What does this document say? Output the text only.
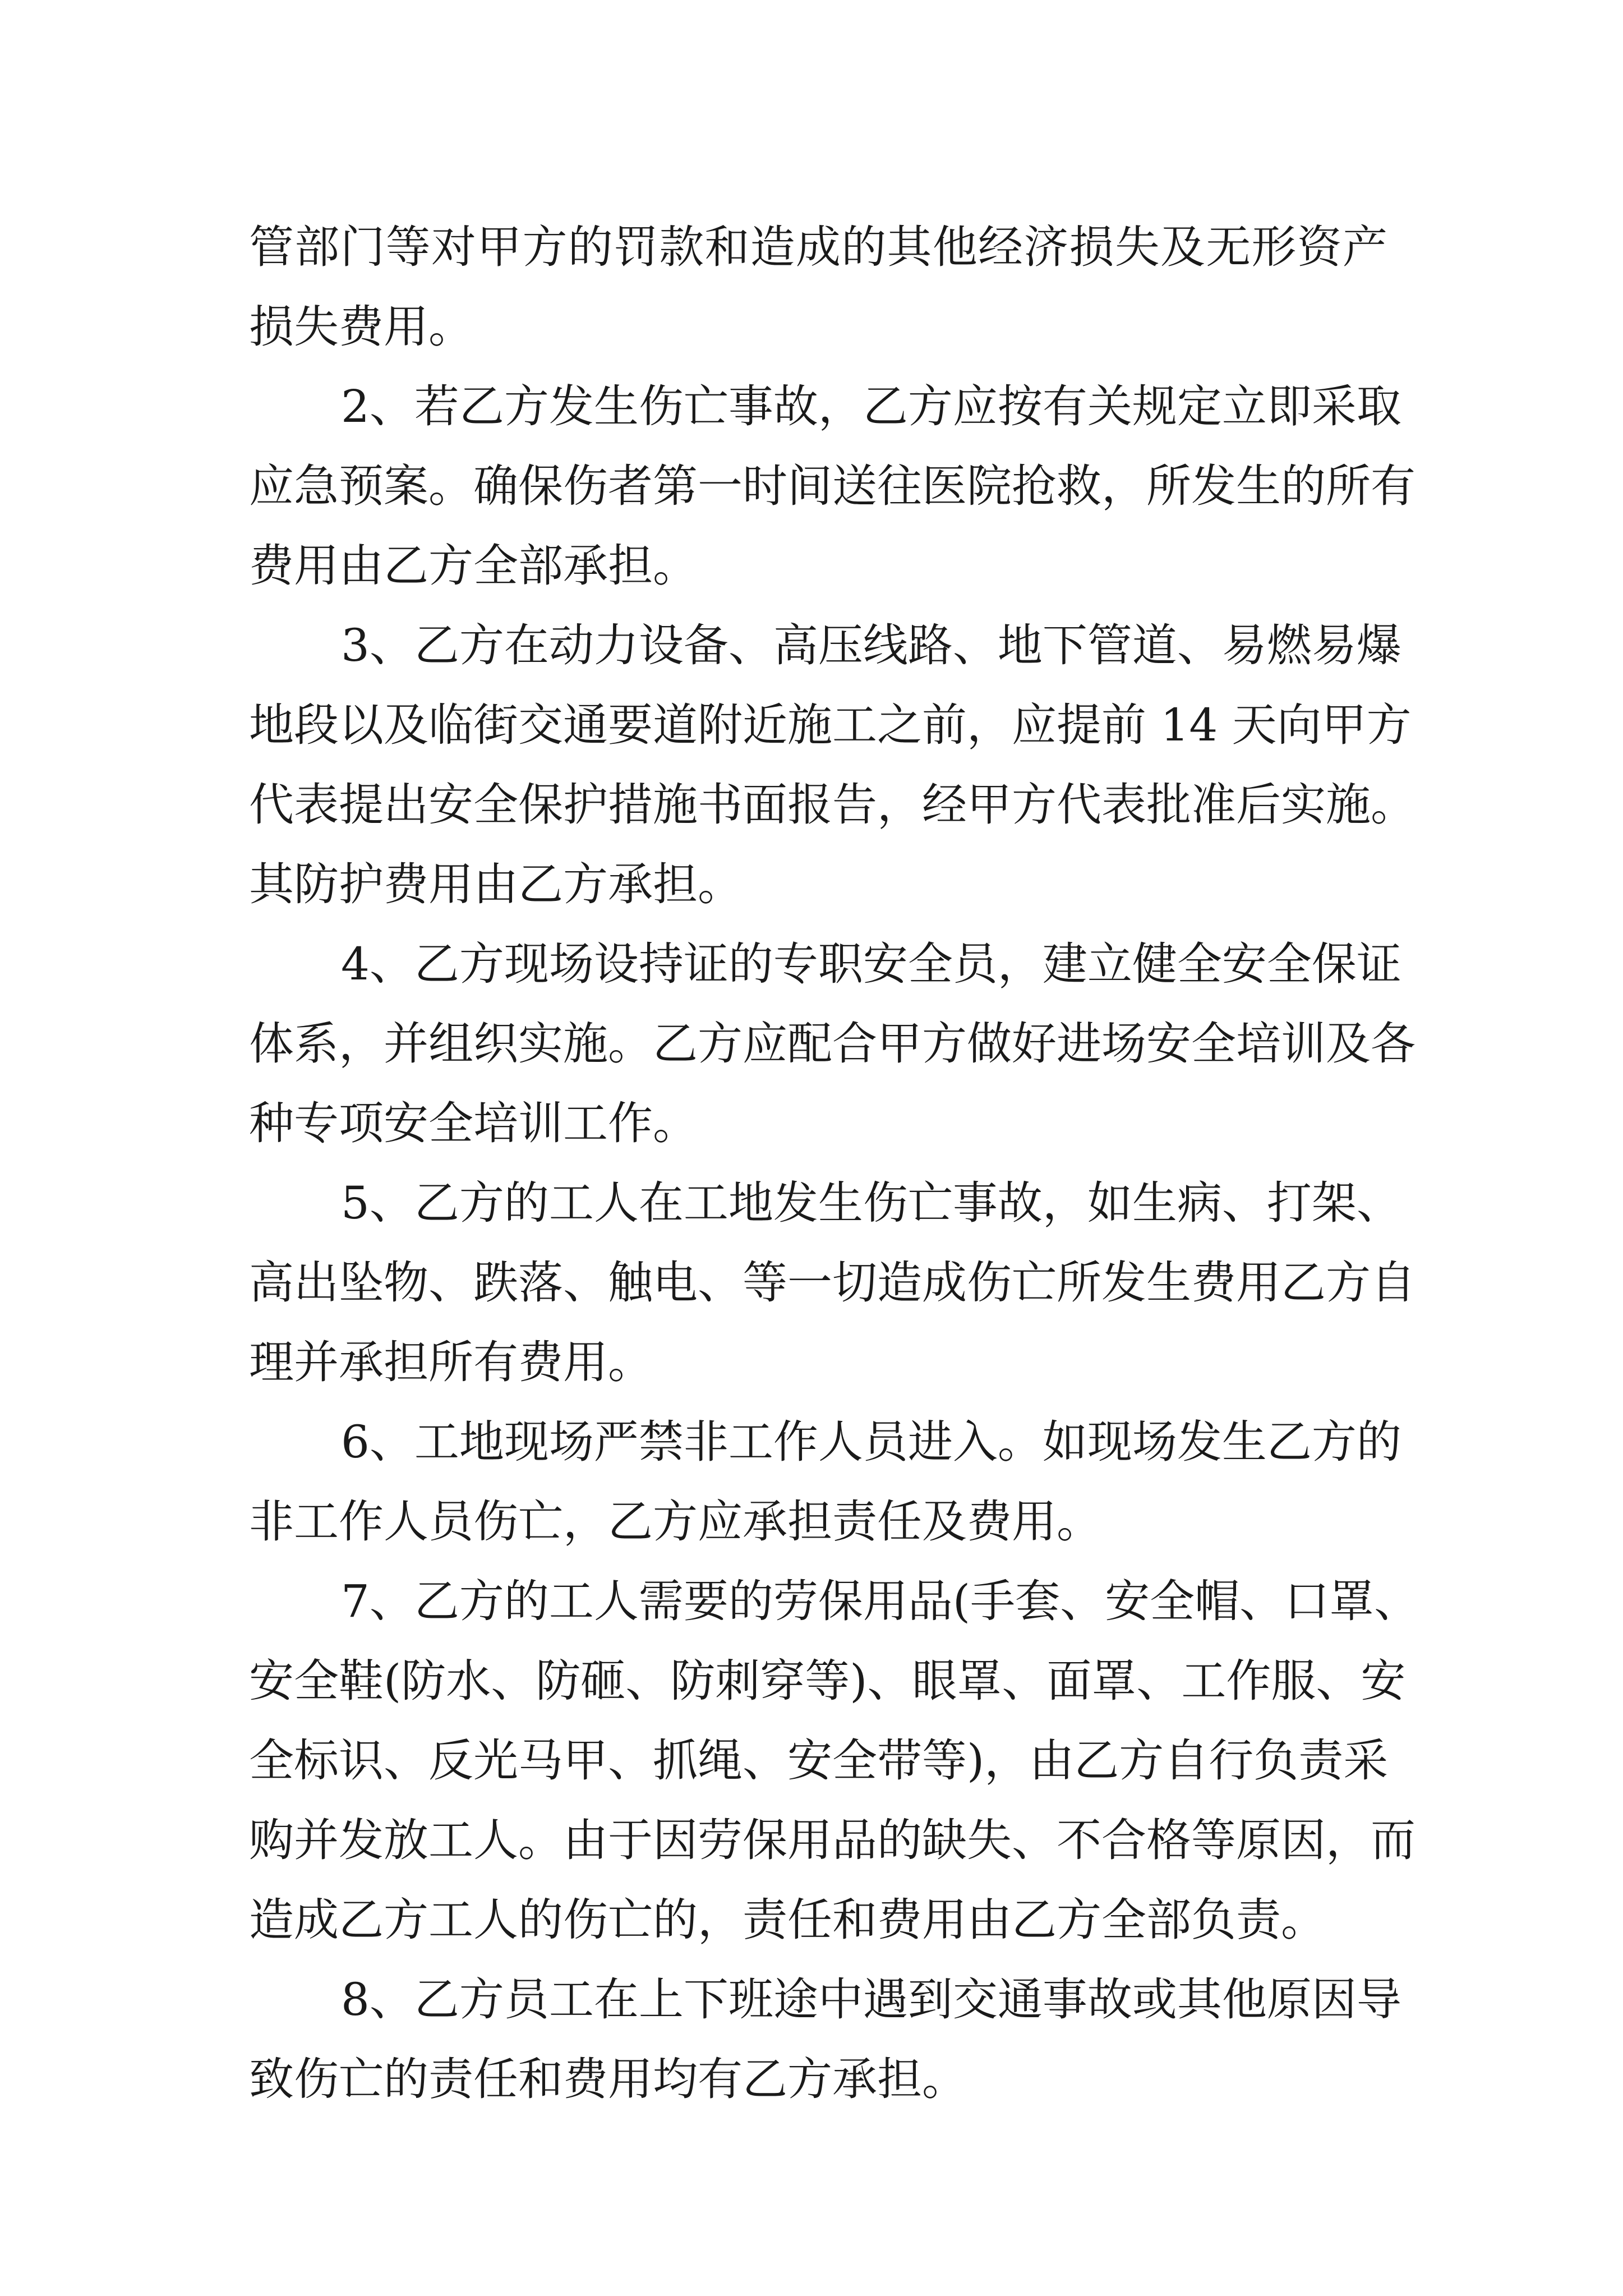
管部门等对甲方的罚款和造成的其他经济损失及无形资产
损失费用。
2、若乙方发生伤亡事故，乙方应按有关规定立即采取
应急预案。确保伤者第一时间送往医院抢救，所发生的所有
费用由乙方全部承担。
3、乙方在动力设备、高压线路、地下管道、易燃易爆
地段以及临街交通要道附近施工之前，应提前 14 天向甲方
代表提出安全保护措施书面报告，经甲方代表批准后实施。
其防护费用由乙方承担。
4、乙方现场设持证的专职安全员，建立健全安全保证
体系，并组织实施。乙方应配合甲方做好进场安全培训及各
种专项安全培训工作。
5、乙方的工人在工地发生伤亡事故，如生病、打架、
高出坠物、跌落、触电、等一切造成伤亡所发生费用乙方自
理并承担所有费用。
6、工地现场严禁非工作人员进入。如现场发生乙方的
非工作人员伤亡，乙方应承担责任及费用。
7、乙方的工人需要的劳保用品(手套、安全帽、口罩、
安全鞋(防水、防砸、防刺穿等)、眼罩、面罩、工作服、安
全标识、反光马甲、抓绳、安全带等)，由乙方自行负责采
购并发放工人。由于因劳保用品的缺失、不合格等原因，而
造成乙方工人的伤亡的，责任和费用由乙方全部负责。
8、乙方员工在上下班途中遇到交通事故或其他原因导
致伤亡的责任和费用均有乙方承担。
